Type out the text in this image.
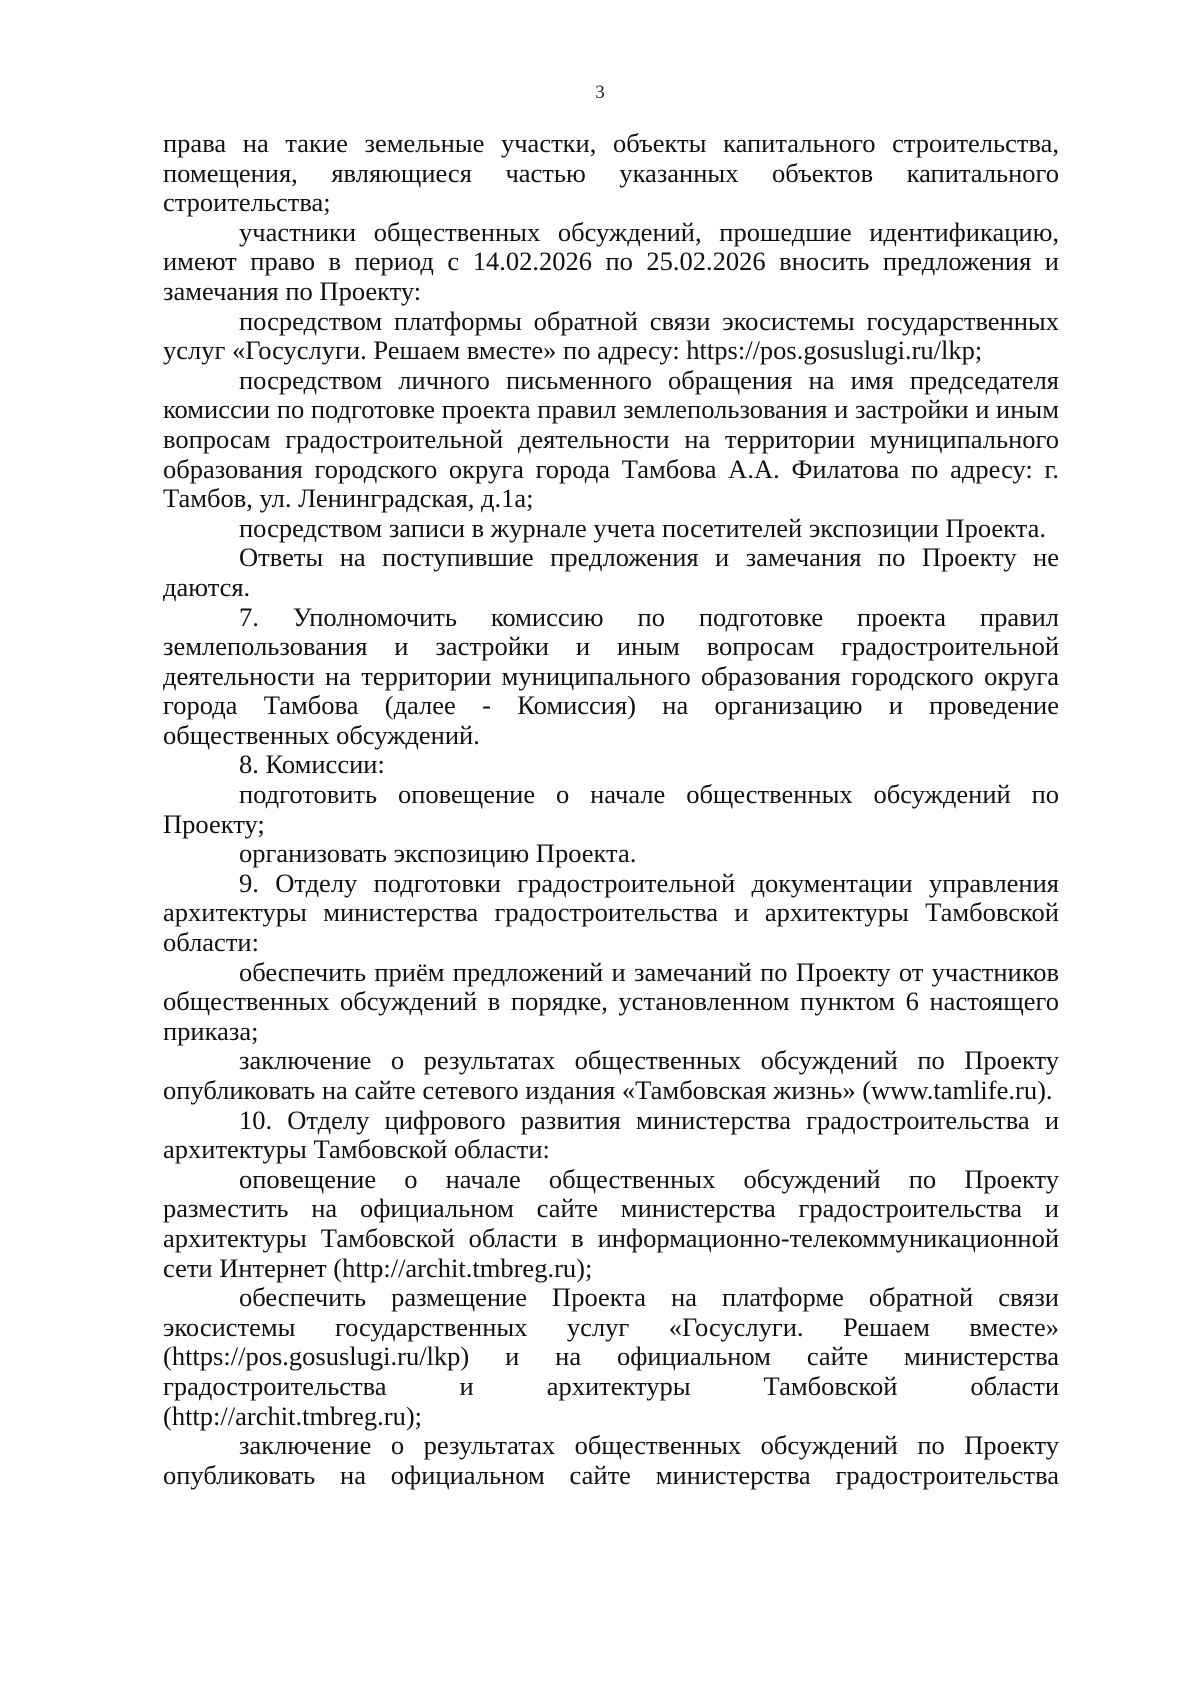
3

права на такие земельные участки, объекты капитального строительства, помещения, являющиеся частью указанных объектов капитального строительства;

участники общественных обсуждений, прошедшие идентификацию, имеют право в период с 14.02.2026 по 25.02.2026 вносить предложения и замечания по Проекту:

посредством платформы обратной связи экосистемы государственных услуг «Госуслуги. Решаем вместе» по адресу: https://pos.gosuslugi.ru/lkp;

посредством личного письменного обращения на имя председателя комиссии по подготовке проекта правил землепользования и застройки и иным вопросам градостроительной деятельности на территории муниципального образования городского округа города Тамбова А.А. Филатова по адресу: г. Тамбов, ул. Ленинградская, д.1а;

посредством записи в журнале учета посетителей экспозиции Проекта.

Ответы на поступившие предложения и замечания по Проекту не даются.

7. Уполномочить комиссию по подготовке проекта правил землепользования и застройки и иным вопросам градостроительной деятельности на территории муниципального образования городского округа города Тамбова (далее - Комиссия) на организацию и проведение общественных обсуждений.

8. Комиссии:

подготовить оповещение о начале общественных обсуждений по Проекту;

организовать экспозицию Проекта.

9. Отделу подготовки градостроительной документации управления архитектуры министерства градостроительства и архитектуры Тамбовской области:

обеспечить приём предложений и замечаний по Проекту от участников общественных обсуждений в порядке, установленном пунктом 6 настоящего приказа;

заключение о результатах общественных обсуждений по Проекту опубликовать на сайте сетевого издания «Тамбовская жизнь» (www.tamlife.ru).

10. Отделу цифрового развития министерства градостроительства и архитектуры Тамбовской области:

оповещение о начале общественных обсуждений по Проекту разместить на официальном сайте министерства градостроительства и архитектуры Тамбовской области в информационно-телекоммуникационной сети Интернет (http://archit.tmbreg.ru);

обеспечить размещение Проекта на платформе обратной связи экосистемы государственных услуг «Госуслуги. Решаем вместе» (https://pos.gosuslugi.ru/lkp) и на официальном сайте министерства градостроительства и архитектуры Тамбовской области (http://archit.tmbreg.ru);

заключение о результатах общественных обсуждений по Проекту опубликовать на официальном сайте министерства градостроительства
